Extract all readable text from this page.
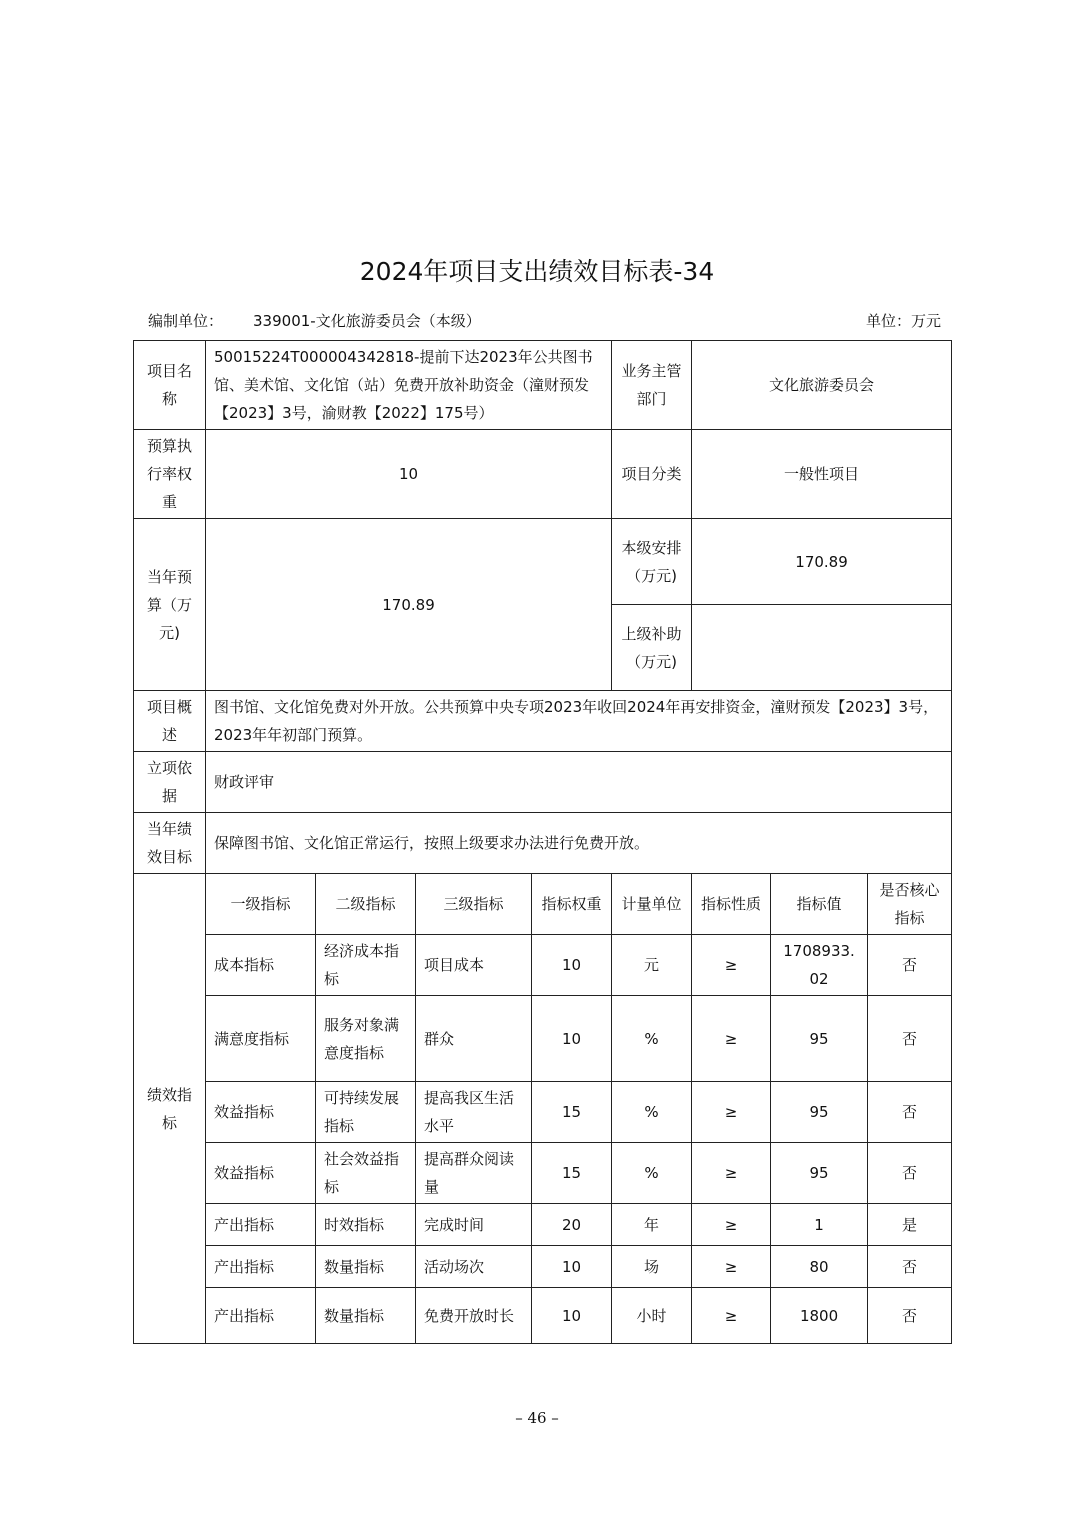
2024年项目支出绩效目标表-34
编制单位： 339001-文化旅游委员会（本级）	单位：万元
项目名称	50015224T000004342818-提前下达2023年公共图书馆、美术馆、文化馆（站）免费开放补助资金（潼财预发【2023】3号，渝财教【2022】175号）				业务主管部门	文化旅游委员会		
预算执行率权重	10				项目分类	一般性项目		
当年预算（万元)	170.89				本级安排（万元)	170.89		
					上级补助（万元)			
项目概述	图书馆、文化馆免费对外开放。公共预算中央专项2023年收回2024年再安排资金，潼财预发【2023】3号，2023年年初部门预算。							
立项依据	财政评审							
当年绩效目标	保障图书馆、文化馆正常运行，按照上级要求办法进行免费开放。							
绩效指标	一级指标	二级指标	三级指标	指标权重	计量单位	指标性质	指标值	是否核心指标
	成本指标	经济成本指标	项目成本	10	元	≥	1708933.02	否
	满意度指标	服务对象满意度指标	群众	10	%	≥	95	否
	效益指标	可持续发展指标	提高我区生活水平	15	%	≥	95	否
	效益指标	社会效益指标	提高群众阅读量	15	%	≥	95	否
	产出指标	时效指标	完成时间	20	年	≥	1	是
	产出指标	数量指标	活动场次	10	场	≥	80	否
	产出指标	数量指标	免费开放时长	10	小时	≥	1800	否
– 46 –
